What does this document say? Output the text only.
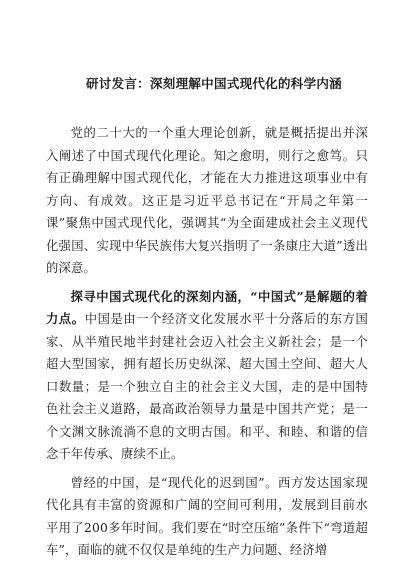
研讨发言：深刻理解中国式现代化的科学内涵

党的二十大的一个重大理论创新，就是概括提出并深入阐述了中国式现代化理论。知之愈明，则行之愈笃。只有正确理解中国式现代化，才能在大力推进这项事业中有方向、有成效。这正是习近平总书记在“开局之年第一课”聚焦中国式现代化，强调其“为全面建成社会主义现代化强国、实现中华民族伟大复兴指明了一条康庄大道”透出的深意。

探寻中国式现代化的深刻内涵，“中国式”是解题的着力点。中国是由一个经济文化发展水平十分落后的东方国家、从半殖民地半封建社会迈入社会主义新社会；是一个超大型国家，拥有超长历史纵深、超大国土空间、超大人口数量；是一个独立自主的社会主义大国，走的是中国特色社会主义道路，最高政治领导力量是中国共产党；是一个文渊文脉流淌不息的文明古国。和平、和睦、和谐的信念千年传承、赓续不止。

曾经的中国，是“现代化的迟到国”。西方发达国家现代化具有丰富的资源和广阔的空间可利用，发展到目前水平用了200多年时间。我们要在“时空压缩”条件下“弯道超车”，面临的就不仅仅是单纯的生产力问题、经济增
